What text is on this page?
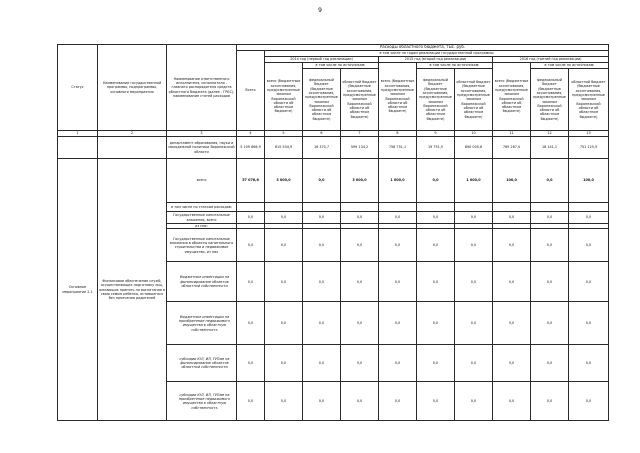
9
Статус	Наименование государственной программы, подпрограммы, основного мероприятия	Наименование ответственного исполнителя, исполнителя - главного распорядителя средств областного бюджета (далее - ГРБС), наименование статей расходов	Расходы областного бюджета, тыс. руб.									
			Всего	в том числе по годам реализации государственной программы								
				2014 год (первый год реализации)			2015 год (второй год реализации)			2016 год (третий год реализации)		
				всего (бюджетные ассигнования, предусмотренные законом Воронежской области об областном бюджете)	в том числе по источникам:		всего (бюджетные ассигнования, предусмотренные законом Воронежской области об областном бюджете)	в том числе по источникам:		всего (бюджетные ассигнования, предусмотренные законом Воронежской области об областном бюджете)	в том числе по источникам:	
					федеральный бюджет (бюджетные ассигнования, предусмотренные законом Воронежской области об областном бюджете)	областной бюджет (бюджетные ассигнования, предусмотренные законом Воронежской области об областном бюджете)		федеральный бюджет (бюджетные ассигнования, предусмотренные законом Воронежской области об областном бюджете)	областной бюджет (бюджетные ассигнования, предусмотренные законом Воронежской области об областном бюджете)		федеральный бюджет (бюджетные ассигнования, предусмотренные законом Воронежской области об областном бюджете)	областной бюджет (бюджетные ассигнования, предусмотренные законом Воронежской области об областном бюджете)
1	2	3	4	5	6	7	8	9	10	11	12	13
		департамент образования, науки и молодежной политики Воронежской области	5 109 866,9	615 504,9	16 370,7	599 134,2	758 751,1	19 751,5	690 000,6	769 267,0	18 141,1	751 125,9
Основное мероприятие 2.1	Финансовое обеспечение служб, осуществляющих подготовку лиц, желающих принять на воспитание в свою семью ребенка, оставшегося без попечения родителей	всего	57 076,6	3 000,0	0,0	3 000,0	1 000,0	0,0	1 000,0	100,0	0,0	100,0
		в том числе по статьям расходов:										
		Государственные капитальные вложения, всего	0,0	0,0	0,0	0,0	0,0	0,0	0,0	0,0	0,0	0,0
		из них:										
		Государственные капитальные вложения в объекты капитального строительства и недвижимое имущество, из них	0,0	0,0	0,0	0,0	0,0	0,0	0,0	0,0	0,0	0,0
		бюджетные инвестиции на финансирование объектов областной собственности	0,0	0,0	0,0	0,0	0,0	0,0	0,0	0,0	0,0	0,0
		бюджетные инвестиции на приобретение недвижимого имущества в областную собственность	0,0	0,0	0,0	0,0	0,0	0,0	0,0	0,0	0,0	0,0
		субсидии ЮЛ, ИЛ, ГУПам на финансирование объектов областной собственности	0,0	0,0	0,0	0,0	0,0	0,0	0,0	0,0	0,0	0,0
		субсидии ЮЛ, ИЛ, ГУПам на приобретение недвижимого имущества в областную собственность	0,0	0,0	0,0	0,0	0,0	0,0	0,0	0,0	0,0	0,0
